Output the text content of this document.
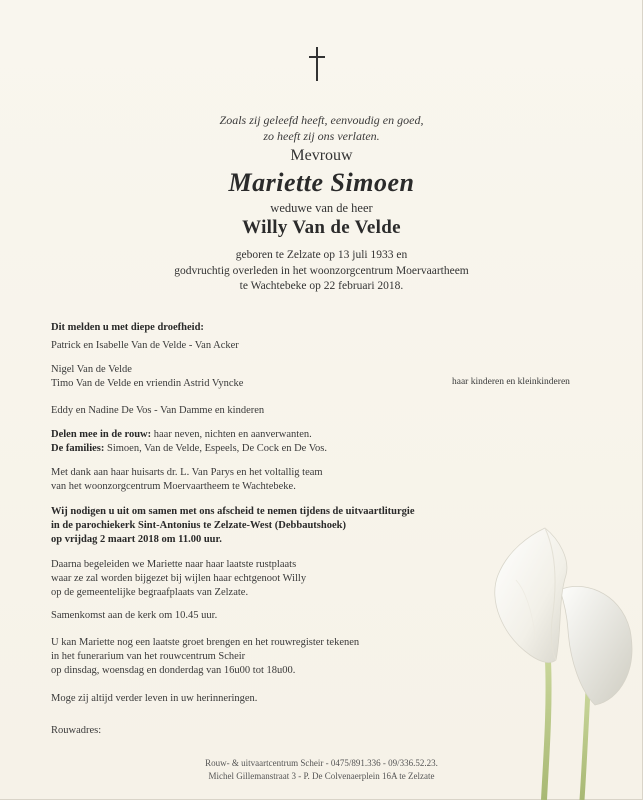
Zoals zij geleefd heeft, eenvoudig en goed,
zo heeft zij ons verlaten.
Mevrouw
Mariette Simoen
weduwe van de heer
Willy Van de Velde
geboren te Zelzate op 13 juli 1933 en
godvruchtig overleden in het woonzorgcentrum Moervaartheem
te Wachtebeke op 22 februari 2018.
Dit melden u met diepe droefheid:
Patrick en Isabelle Van de Velde - Van Acker
Nigel Van de Velde
Timo Van de Velde en vriendin Astrid Vyncke	haar kinderen en kleinkinderen
Eddy en Nadine De Vos - Van Damme en kinderen
Delen mee in de rouw: haar neven, nichten en aanverwanten.
De families: Simoen, Van de Velde, Espeels, De Cock en De Vos.
Met dank aan haar huisarts dr. L. Van Parys en het voltallig team
van het woonzorgcentrum Moervaartheem te Wachtebeke.
Wij nodigen u uit om samen met ons afscheid te nemen tijdens de uitvaartliturgie
in de parochiekerk Sint-Antonius te Zelzate-West (Debbautshoek)
op vrijdag 2 maart 2018 om 11.00 uur.
Daarna begeleiden we Mariette naar haar laatste rustplaats
waar ze zal worden bijgezet bij wijlen haar echtgenoot Willy
op de gemeentelijke begraafplaats van Zelzate.
Samenkomst aan de kerk om 10.45 uur.
U kan Mariette nog een laatste groet brengen en het rouwregister tekenen
in het funerarium van het rouwcentrum Scheir
op dinsdag, woensdag en donderdag van 16u00 tot 18u00.
Moge zij altijd verder leven in uw herinneringen.
Rouwadres:
Rouw- & uitvaartcentrum Scheir - 0475/891.336 - 09/336.52.23.
Michel Gillemanstraat 3 - P. De Colvenaerplein 16A te Zelzate
